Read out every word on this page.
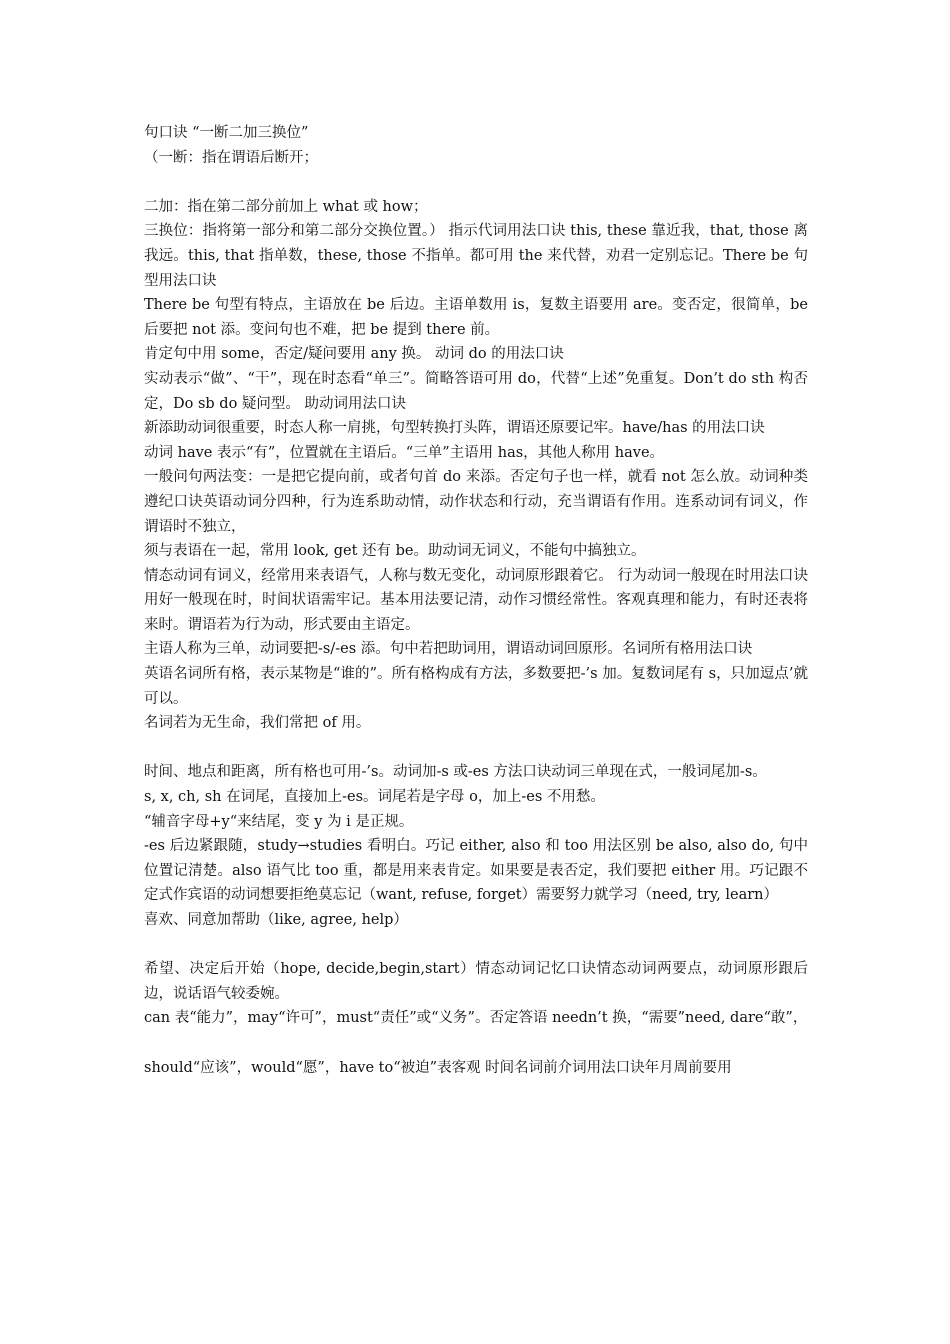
句口诀 “一断二加三换位”

（一断：指在谓语后断开；

二加：指在第二部分前加上 what 或 how；

三换位：指将第一部分和第二部分交换位置。） 指示代词用法口诀 this, these 靠近我，that, those 离我远。this, that 指单数，these, those 不指单。都可用 the 来代替，劝君一定别忘记。There be 句型用法口诀

There be 句型有特点，主语放在 be 后边。主语单数用 is，复数主语要用 are。变否定，很简单，be 后要把 not 添。变问句也不难，把 be 提到 there 前。

肯定句中用 some，否定/疑问要用 any 换。 动词 do 的用法口诀

实动表示“做”、“干”，现在时态看“单三”。简略答语可用 do，代替“上述”免重复。Don’t do sth 构否定，Do sb do 疑问型。 助动词用法口诀

新添助动词很重要，时态人称一肩挑，句型转换打头阵，谓语还原要记牢。have/has 的用法口诀

动词 have 表示“有”，位置就在主语后。“三单”主语用 has，其他人称用 have。

一般问句两法变：一是把它提向前，或者句首 do 来添。否定句子也一样，就看 not 怎么放。动词种类遵纪口诀英语动词分四种，行为连系助动情，动作状态和行动，充当谓语有作用。连系动词有词义，作谓语时不独立，

须与表语在一起，常用 look, get 还有 be。助动词无词义，不能句中搞独立。

情态动词有词义，经常用来表语气，人称与数无变化，动词原形跟着它。 行为动词一般现在时用法口诀用好一般现在时，时间状语需牢记。基本用法要记清，动作习惯经常性。客观真理和能力，有时还表将来时。谓语若为行为动，形式要由主语定。

主语人称为三单，动词要把-s/-es 添。句中若把助词用，谓语动词回原形。名词所有格用法口诀

英语名词所有格，表示某物是“谁的”。所有格构成有方法，多数要把-’s 加。复数词尾有 s，只加逗点’就可以。

名词若为无生命，我们常把 of 用。

时间、地点和距离，所有格也可用-’s。动词加-s 或-es 方法口诀动词三单现在式，一般词尾加-s。

s, x, ch, sh 在词尾，直接加上-es。词尾若是字母 o，加上-es 不用愁。

“辅音字母+y“来结尾，变 y 为 i 是正规。

-es 后边紧跟随，study→studies 看明白。巧记 either, also 和 too 用法区别 be also, also do, 句中位置记清楚。also 语气比 too 重，都是用来表肯定。如果要是表否定，我们要把 either 用。巧记跟不定式作宾语的动词想要拒绝莫忘记（want, refuse, forget）需要努力就学习（need, try, learn）

喜欢、同意加帮助（like, agree, help）

希望、决定后开始（hope, decide,begin,start）情态动词记忆口诀情态动词两要点，动词原形跟后边，说话语气较委婉。

can 表“能力”，may“许可”，must“责任”或“义务”。否定答语 needn’t 换，“需要”need, dare“敢”，

should“应该”，would“愿”，have to“被迫”表客观 时间名词前介词用法口诀年月周前要用
